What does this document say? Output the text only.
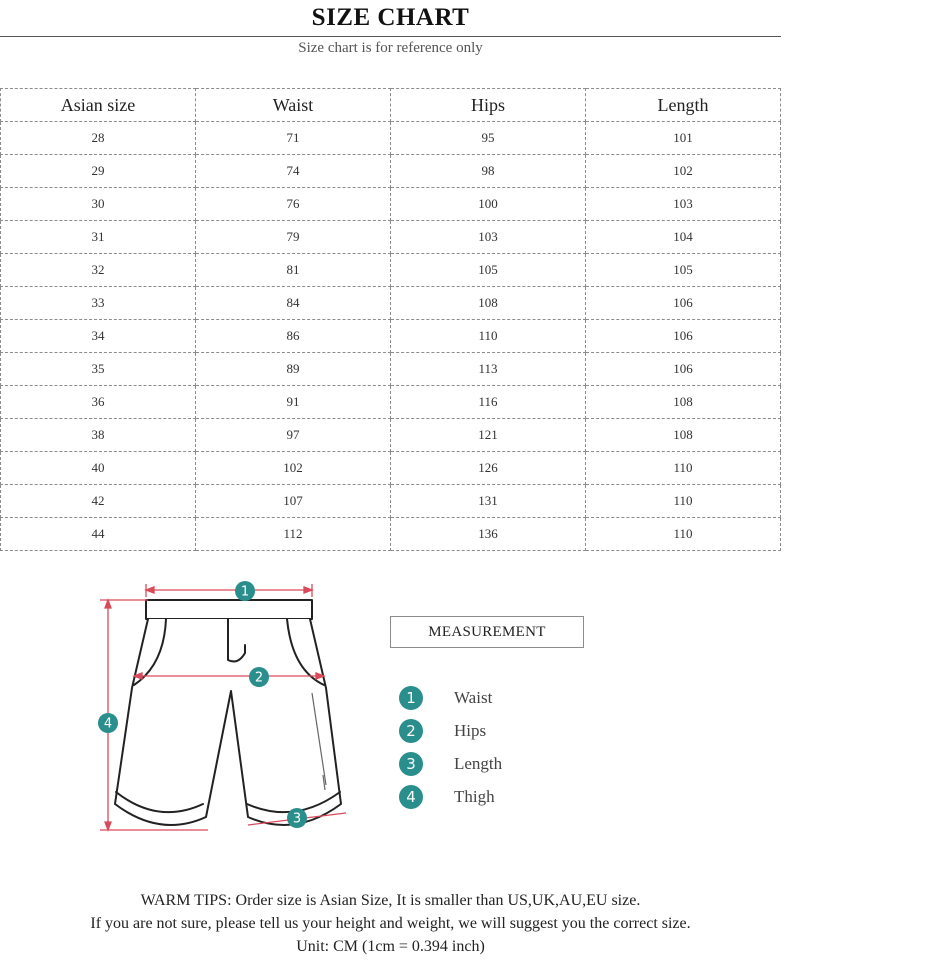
SIZE CHART
Size chart is for reference only
Asian size	Waist	Hips	Length
28	71	95	101
29	74	98	102
30	76	100	103
31	79	103	104
32	81	105	105
33	84	108	106
34	86	110	106
35	89	113	106
36	91	116	108
38	97	121	108
40	102	126	110
42	107	131	110
44	112	136	110
1
2
3
4
MEASUREMENT
1	Waist
2	Hips
3	Length
4	Thigh
WARM TIPS: Order size is Asian Size, It is smaller than US,UK,AU,EU size.
If you are not sure, please tell us your height and weight, we will suggest you the correct size.
Unit: CM (1cm = 0.394 inch)
